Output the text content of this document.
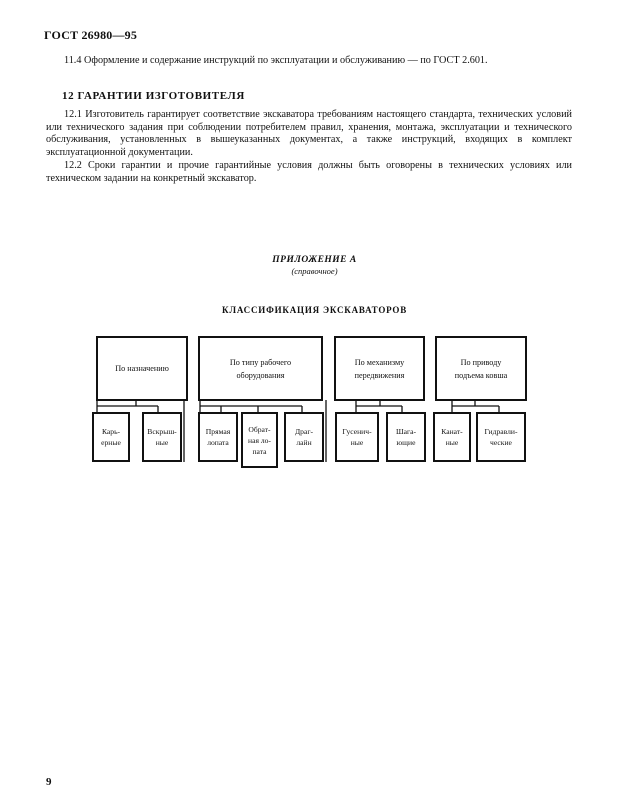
ГОСТ 26980—95
11.4 Оформление и содержание инструкций по эксплуатации и обслуживанию — по ГОСТ 2.601.
12 ГАРАНТИИ ИЗГОТОВИТЕЛЯ
12.1 Изготовитель гарантирует соответствие экскаватора требованиям настоящего стандарта, технических условий или технического задания при соблюдении потребителем правил, хранения, монтажа, эксплуатации и технического обслуживания, установленных в вышеуказанных документах, а также инструкций, входящих в комплект эксплуатационной документации.
12.2 Сроки гарантии и прочие гарантийные условия должны быть оговорены в технических условиях или техническом задании на конкретный экскаватор.
ПРИЛОЖЕНИЕ А
(справочное)
КЛАССИФИКАЦИЯ ЭКСКАВАТОРОВ
По назначению
По типу рабочего
оборудования
По механизму
передвижения
По приводу
подъема ковша
Карь-
ерные
Вскрыш-
ные
Прямая
лопата
Обрат-
ная ло-
пата
Драг-
лайн
Гусенич-
ные
Шага-
ющие
Канат-
ные
Гидравли-
ческие
9
